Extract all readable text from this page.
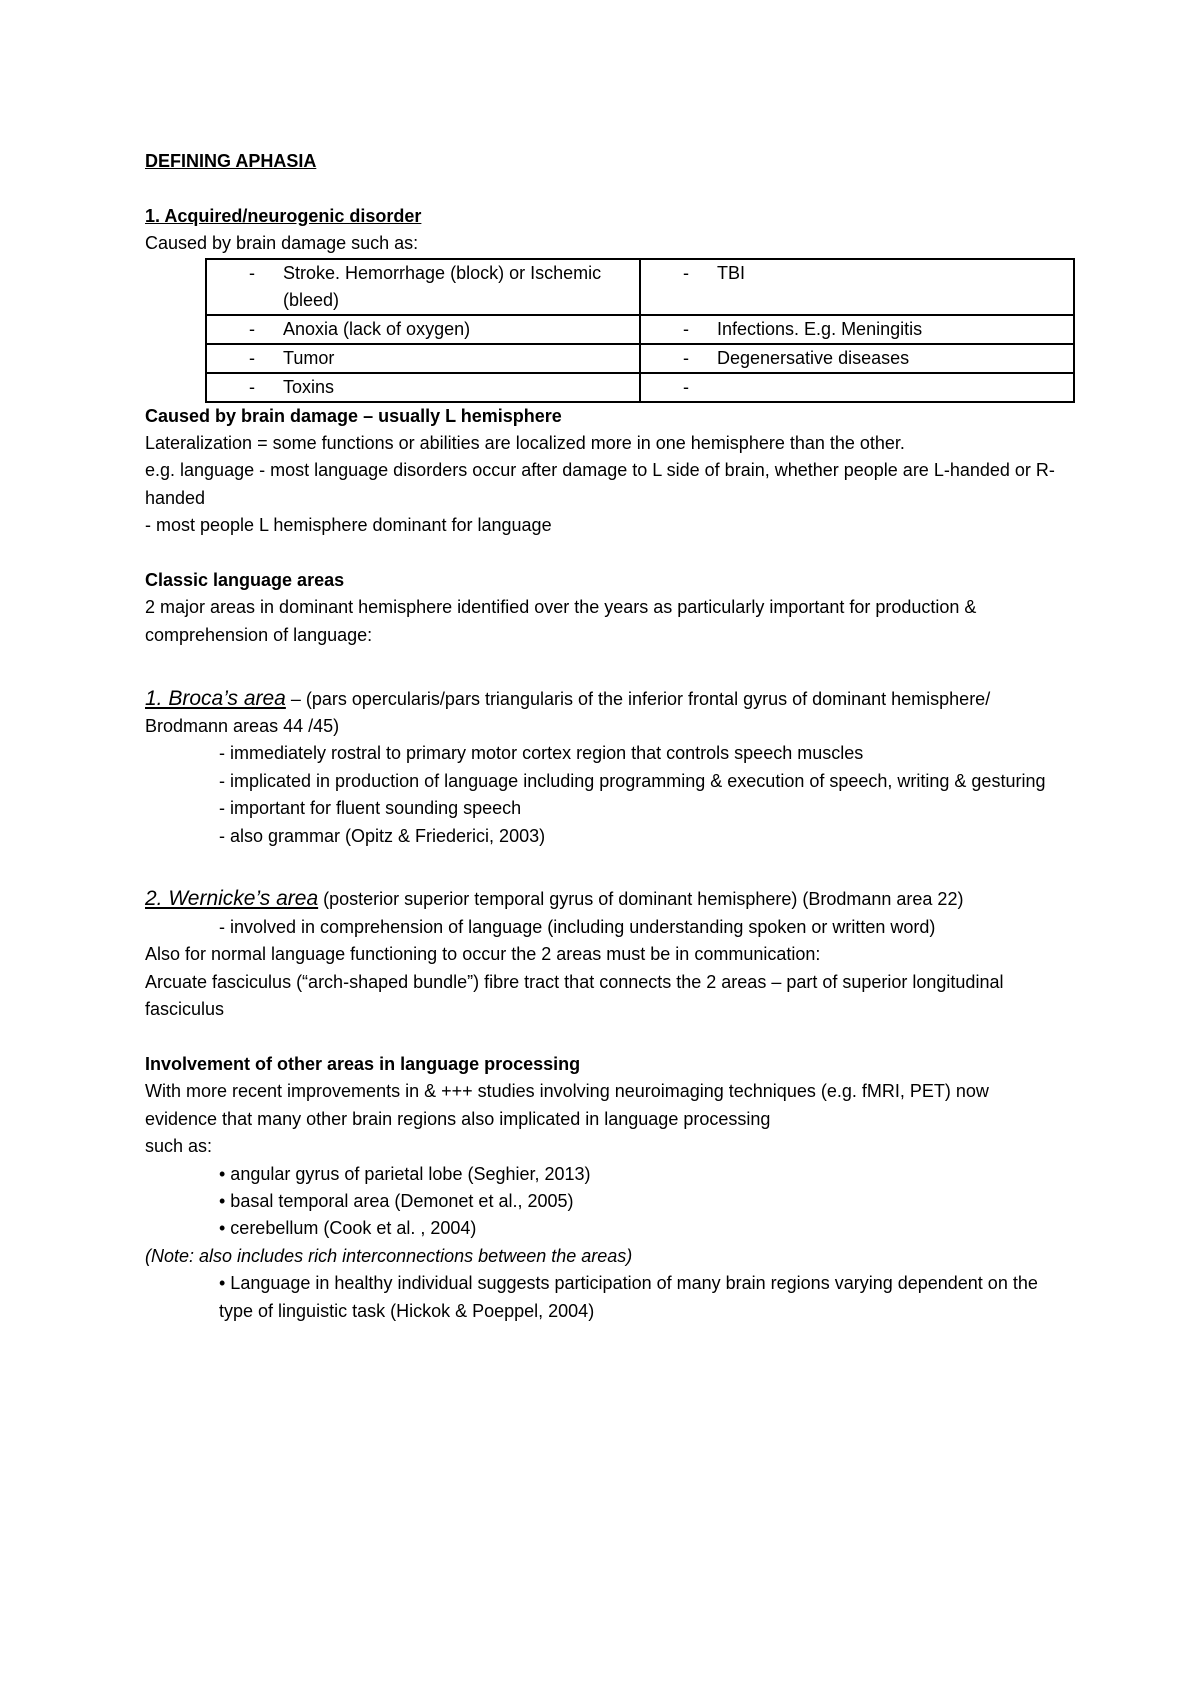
DEFINING APHASIA
1. Acquired/neurogenic disorder
Caused by brain damage such as:
- Stroke. Hemorrhage (block) or Ischemic (bleed)	- TBI

- Anoxia (lack of oxygen)	- Infections. E.g. Meningitis

- Tumor	- Degenersative diseases

- Toxins	-
Caused by brain damage – usually L hemisphere
Lateralization = some functions or abilities are localized more in one hemisphere than the other.
e.g. language - most language disorders occur after damage to L side of brain, whether people are L-handed or R-handed
- most people L hemisphere dominant for language
Classic language areas
2 major areas in dominant hemisphere identified over the years as particularly important for production & comprehension of language:
1. Broca’s area – (pars opercularis/pars triangularis of the inferior frontal gyrus of dominant hemisphere/ Brodmann areas 44 /45)
- immediately rostral to primary motor cortex region that controls speech muscles
- implicated in production of language including programming & execution of speech, writing & gesturing
- important for fluent sounding speech
- also grammar (Opitz & Friederici, 2003)
2. Wernicke’s area (posterior superior temporal gyrus of dominant hemisphere) (Brodmann area 22)
- involved in comprehension of language (including understanding spoken or written word)
Also for normal language functioning to occur the 2 areas must be in communication:
Arcuate fasciculus (“arch-shaped bundle”) fibre tract that connects the 2 areas – part of superior longitudinal fasciculus
Involvement of other areas in language processing
With more recent improvements in & +++ studies involving neuroimaging techniques (e.g. fMRI, PET) now evidence that many other brain regions also implicated in language processing
such as:
• angular gyrus of parietal lobe (Seghier, 2013)
• basal temporal area (Demonet et al., 2005)
• cerebellum (Cook et al. , 2004)
(Note: also includes rich interconnections between the areas)
• Language in healthy individual suggests participation of many brain regions varying dependent on the type of linguistic task (Hickok & Poeppel, 2004)
